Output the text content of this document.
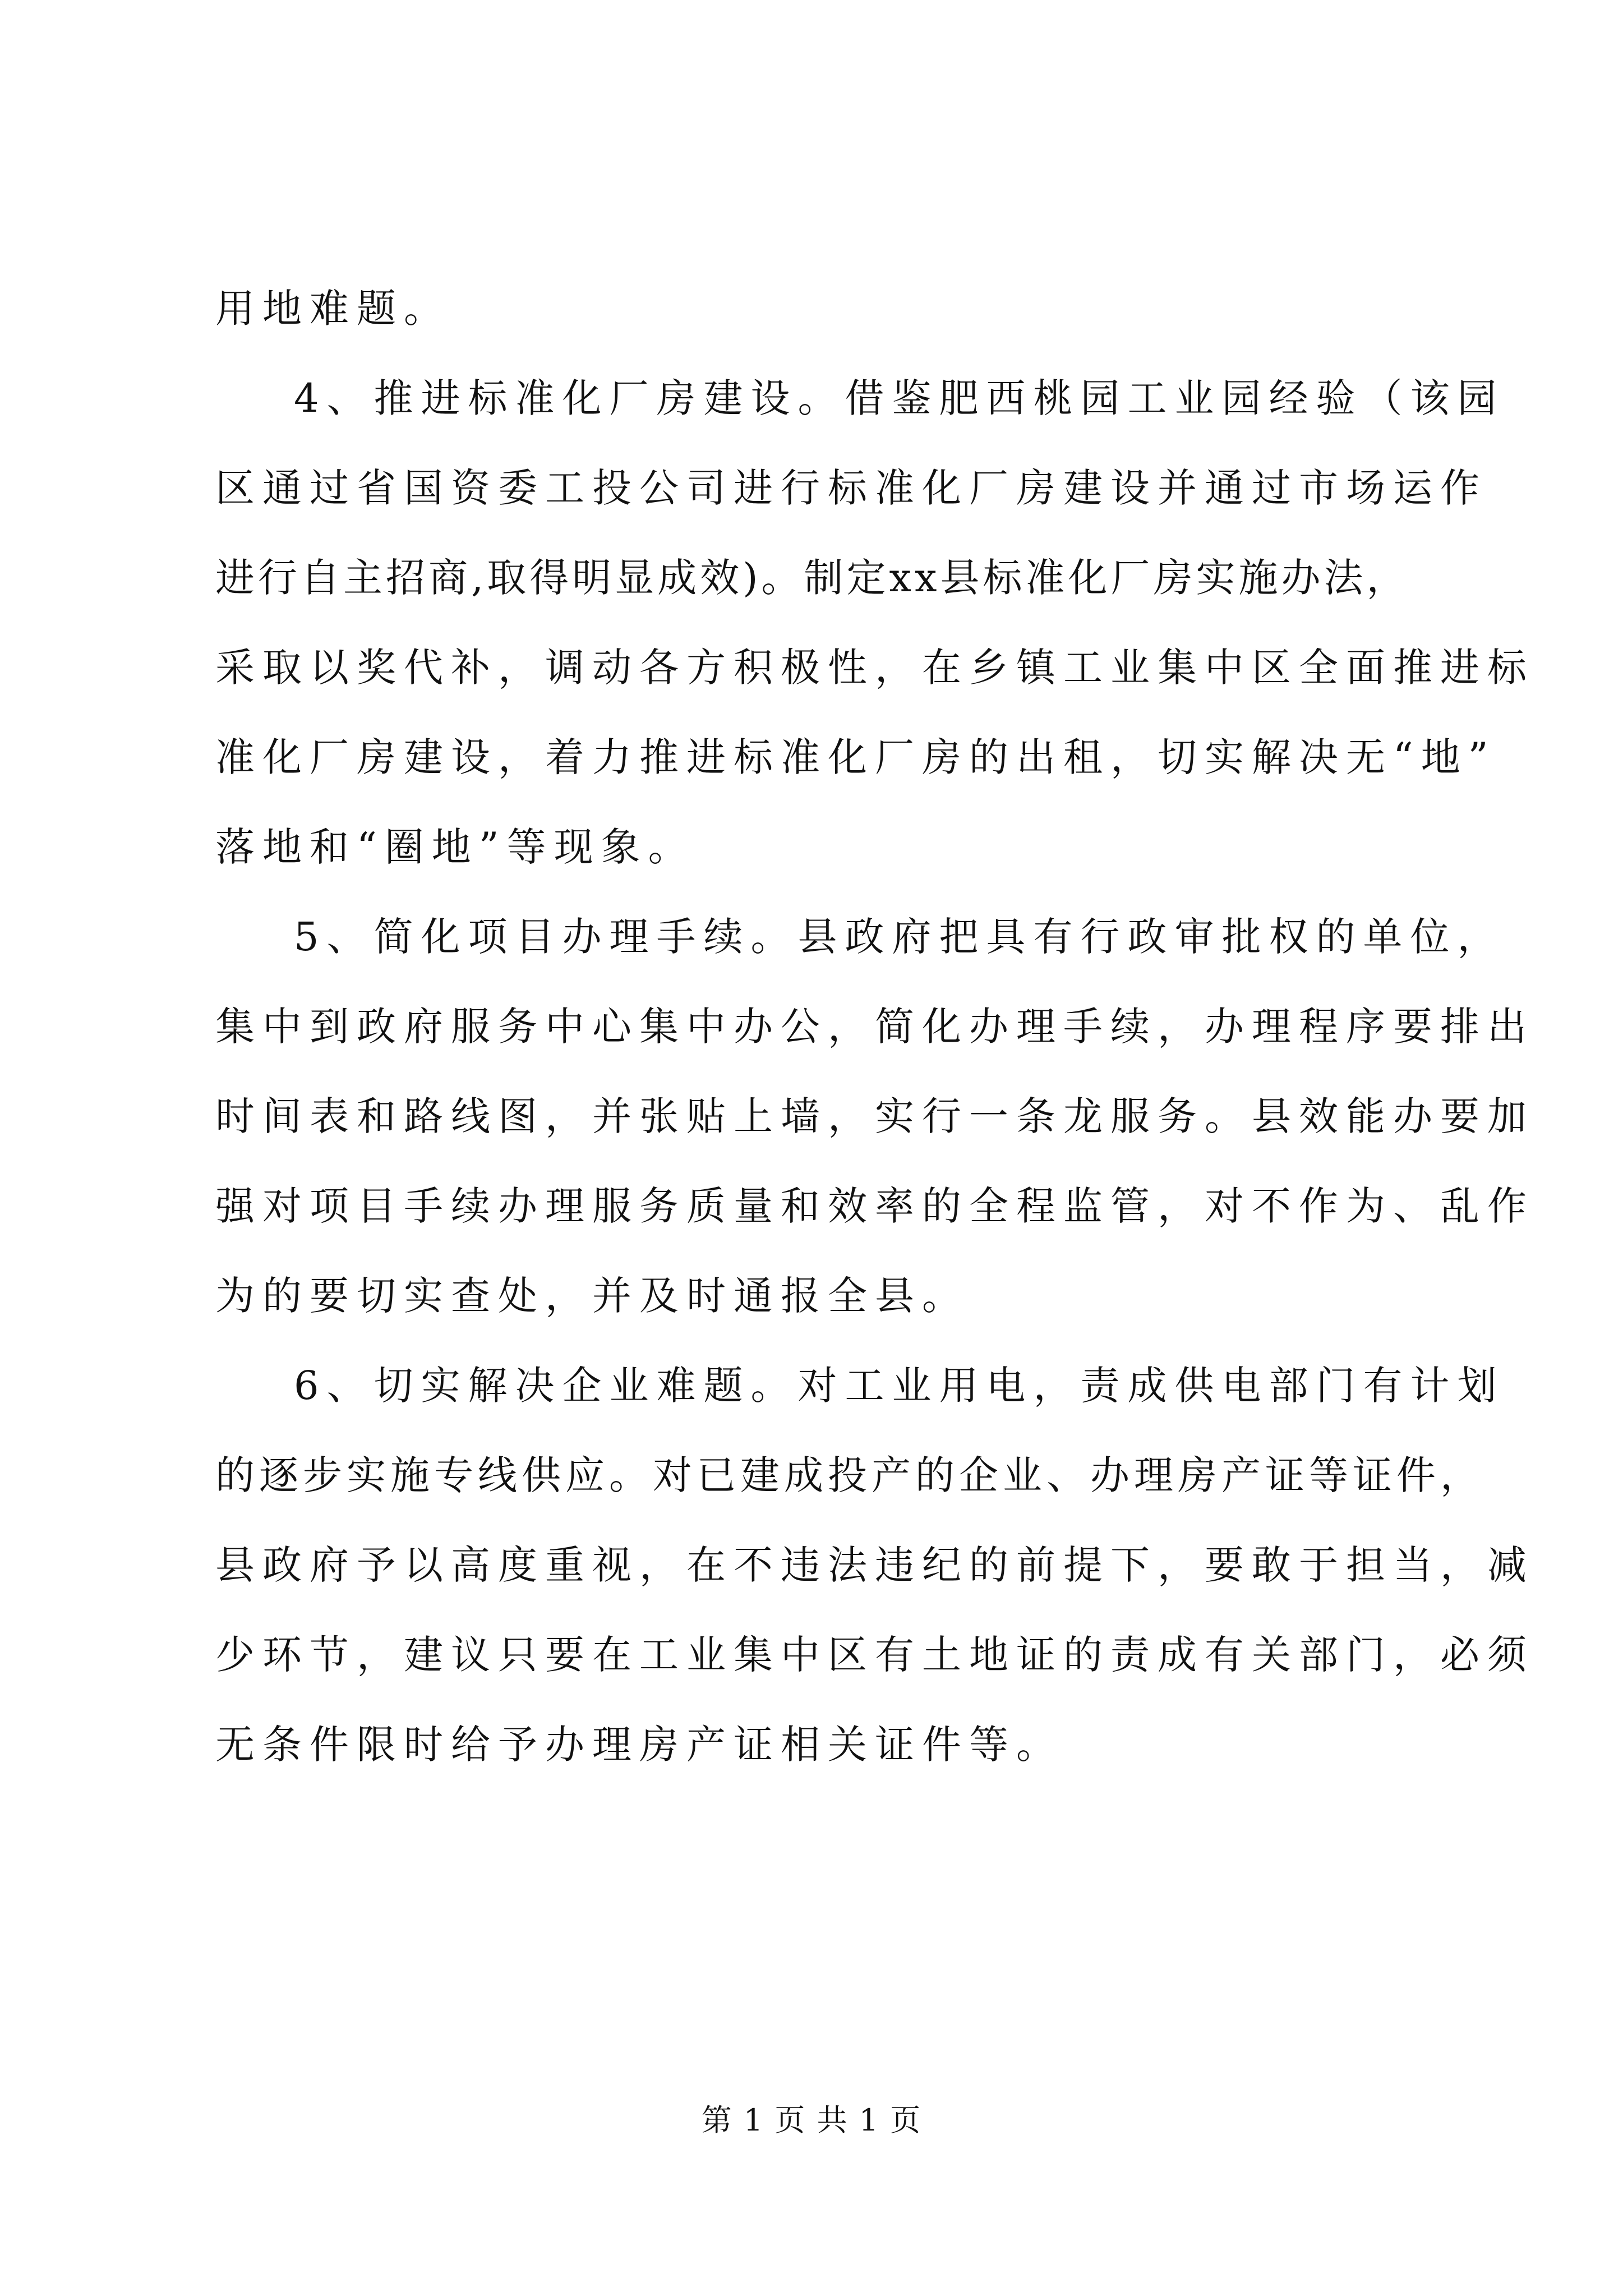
用地难题。
4、推进标准化厂房建设。借鉴肥西桃园工业园经验（该园
区通过省国资委工投公司进行标准化厂房建设并通过市场运作
进行自主招商,取得明显成效)。制定xx县标准化厂房实施办法，
采取以奖代补，调动各方积极性，在乡镇工业集中区全面推进标
准化厂房建设，着力推进标准化厂房的出租，切实解决无“地”
落地和“圈地”等现象。
5、简化项目办理手续。县政府把具有行政审批权的单位，
集中到政府服务中心集中办公，简化办理手续，办理程序要排出
时间表和路线图，并张贴上墙，实行一条龙服务。县效能办要加
强对项目手续办理服务质量和效率的全程监管，对不作为、乱作
为的要切实查处，并及时通报全县。
6、切实解决企业难题。对工业用电，责成供电部门有计划
的逐步实施专线供应。对已建成投产的企业、办理房产证等证件，
县政府予以高度重视，在不违法违纪的前提下，要敢于担当，减
少环节，建议只要在工业集中区有土地证的责成有关部门，必须
无条件限时给予办理房产证相关证件等。
第 1 页 共 1 页
